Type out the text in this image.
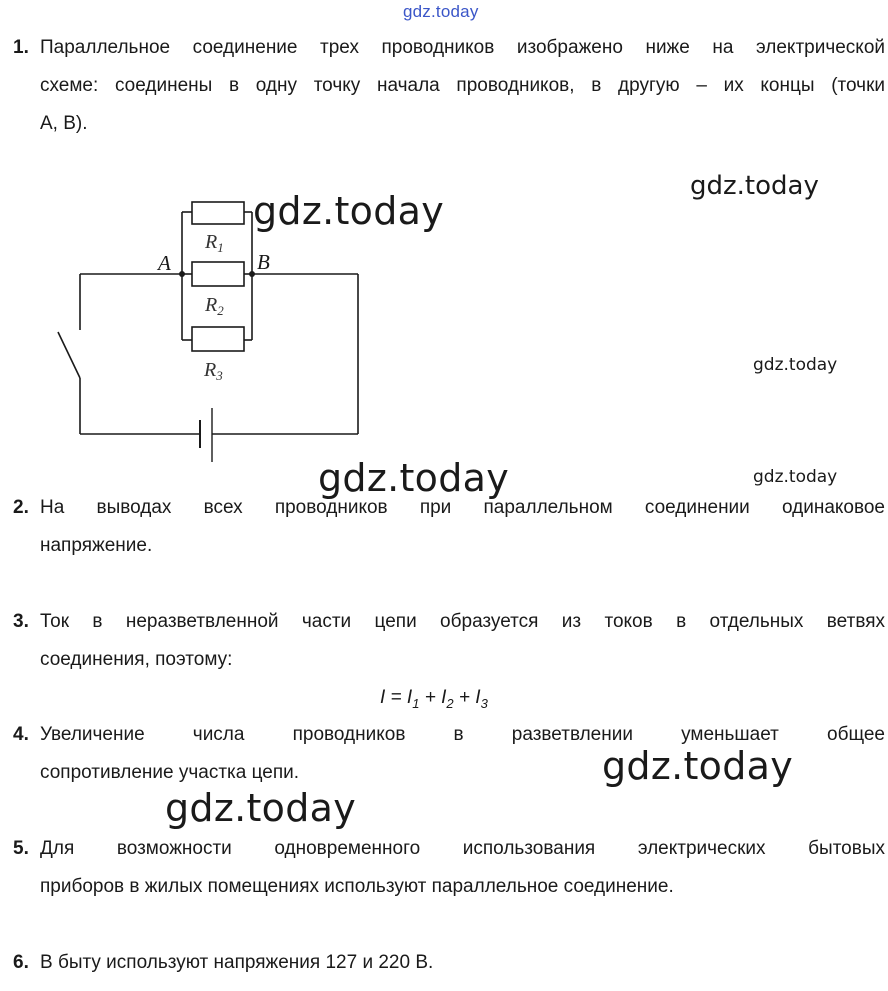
gdz.today
1. Параллельное соединение трех проводников изображено ниже на электрической
схеме: соединены в одну точку начала проводников, в другую – их концы (точки
А, В).
A	B
$R_1$
$R_2$
$R_3$
gdz.today
gdz.today
gdz.today
gdz.today	gdz.today
2. На выводах всех проводников при параллельном соединении одинаковое
напряжение.
3. Ток в неразветвленной части цепи образуется из токов в отдельных ветвях
соединения, поэтому:
$I = I_1 + I_2 + I_3$
4. Увеличение числа проводников в разветвлении уменьшает общее
сопротивление участка цепи.	gdz.today
gdz.today
5. Для возможности одновременного использования электрических бытовых
приборов в жилых помещениях используют параллельное соединение.
6. В быту используют напряжения 127 и 220 В.
